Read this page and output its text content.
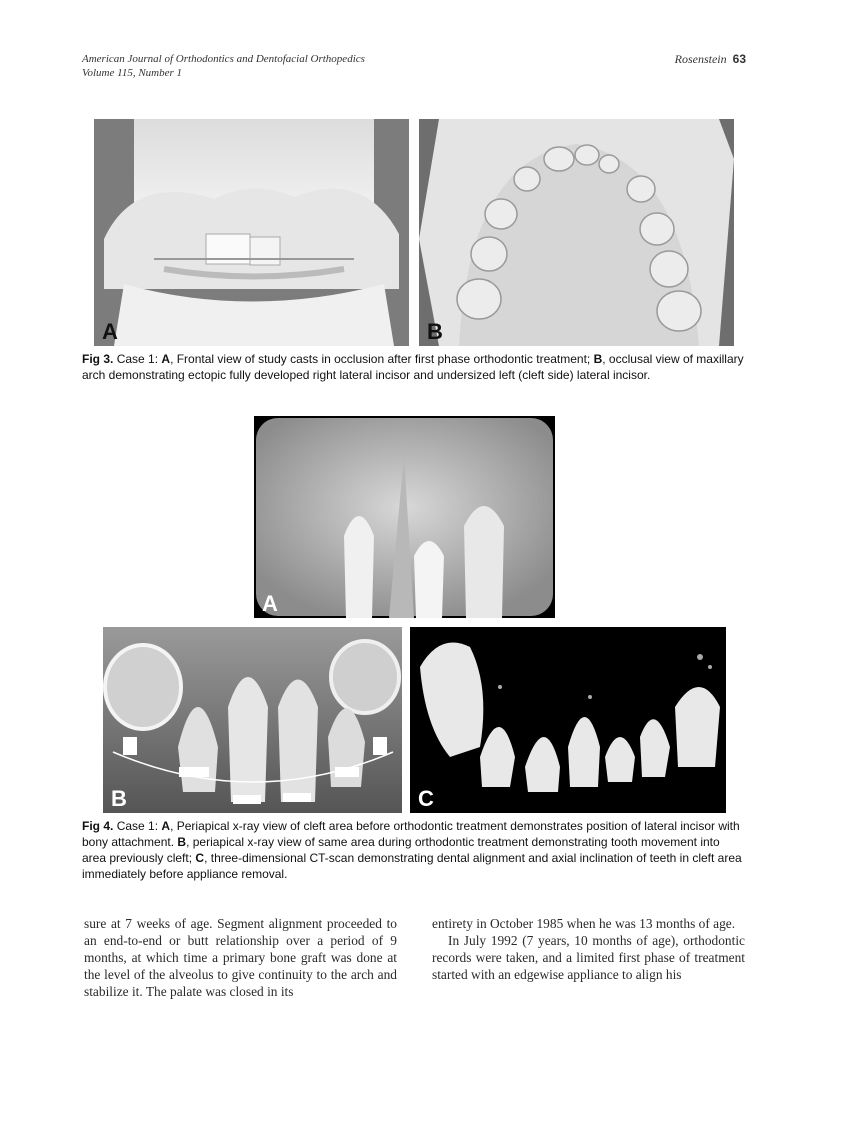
American Journal of Orthodontics and Dentofacial Orthopedics
Volume 115, Number 1
Rosenstein 63
A	B
Fig 3. Case 1: A, Frontal view of study casts in occlusion after first phase orthodontic treatment; B, occlusal view of maxillary arch demonstrating ectopic fully developed right lateral incisor and undersized left (cleft side) lateral incisor.
A
B	C
Fig 4. Case 1: A, Periapical x-ray view of cleft area before orthodontic treatment demonstrates position of lateral incisor with bony attachment. B, periapical x-ray view of same area during orthodontic treatment demonstrating tooth movement into area previously cleft; C, three-dimensional CT-scan demonstrating dental alignment and axial inclination of teeth in cleft area immediately before appliance removal.

sure at 7 weeks of age. Segment alignment proceeded to an end-to-end or butt relationship over a period of 9 months, at which time a primary bone graft was done at the level of the alveolus to give continuity to the arch and stabilize it. The palate was closed in its

entirety in October 1985 when he was 13 months of age.

In July 1992 (7 years, 10 months of age), orthodontic records were taken, and a limited first phase of treatment started with an edgewise appliance to align his
